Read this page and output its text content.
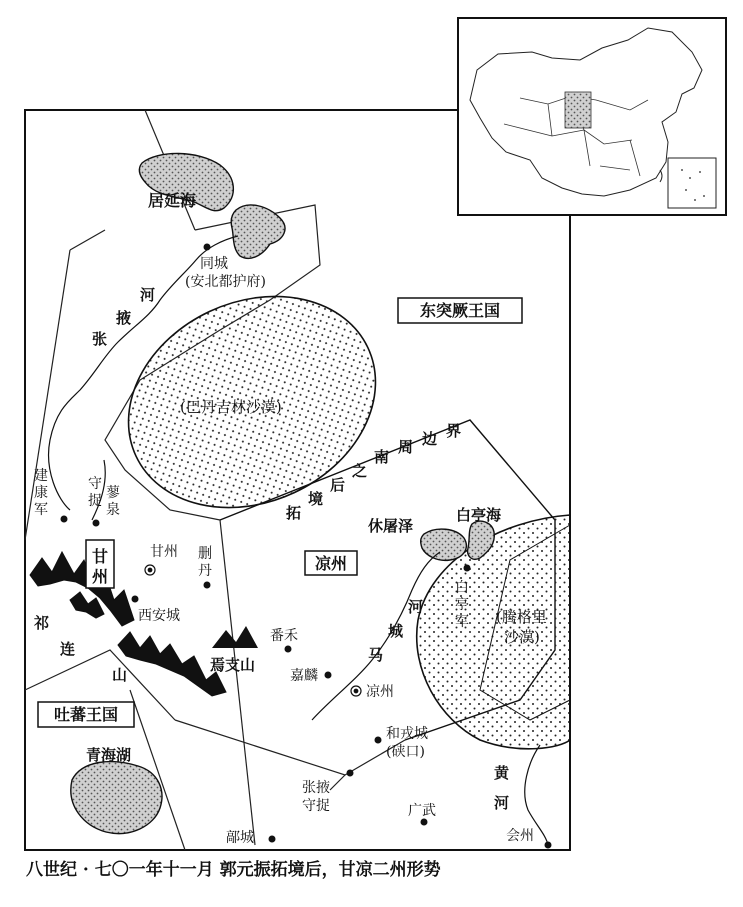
东突厥王国
吐蕃王国
甘州
凉州
居延海
休屠泽
白亭海
青海湖
(巴丹吉林沙漠)
(腾格里
沙漠)
同城
(安北都护府)
建
康
军
守
捉 蓼
泉
甘州 删
丹
西安城
番禾
嘉麟
凉州
白
亭
军
和戎城
(硖口)
张掖
守捉	广武
鄗城	会州
祁
连
山
焉支山
张
掖
河
马
城
河
黄
河
拓
境
后
之
南
周 边 界
八世纪 · 七〇一年十一月 郭元振拓境后，甘凉二州形势
